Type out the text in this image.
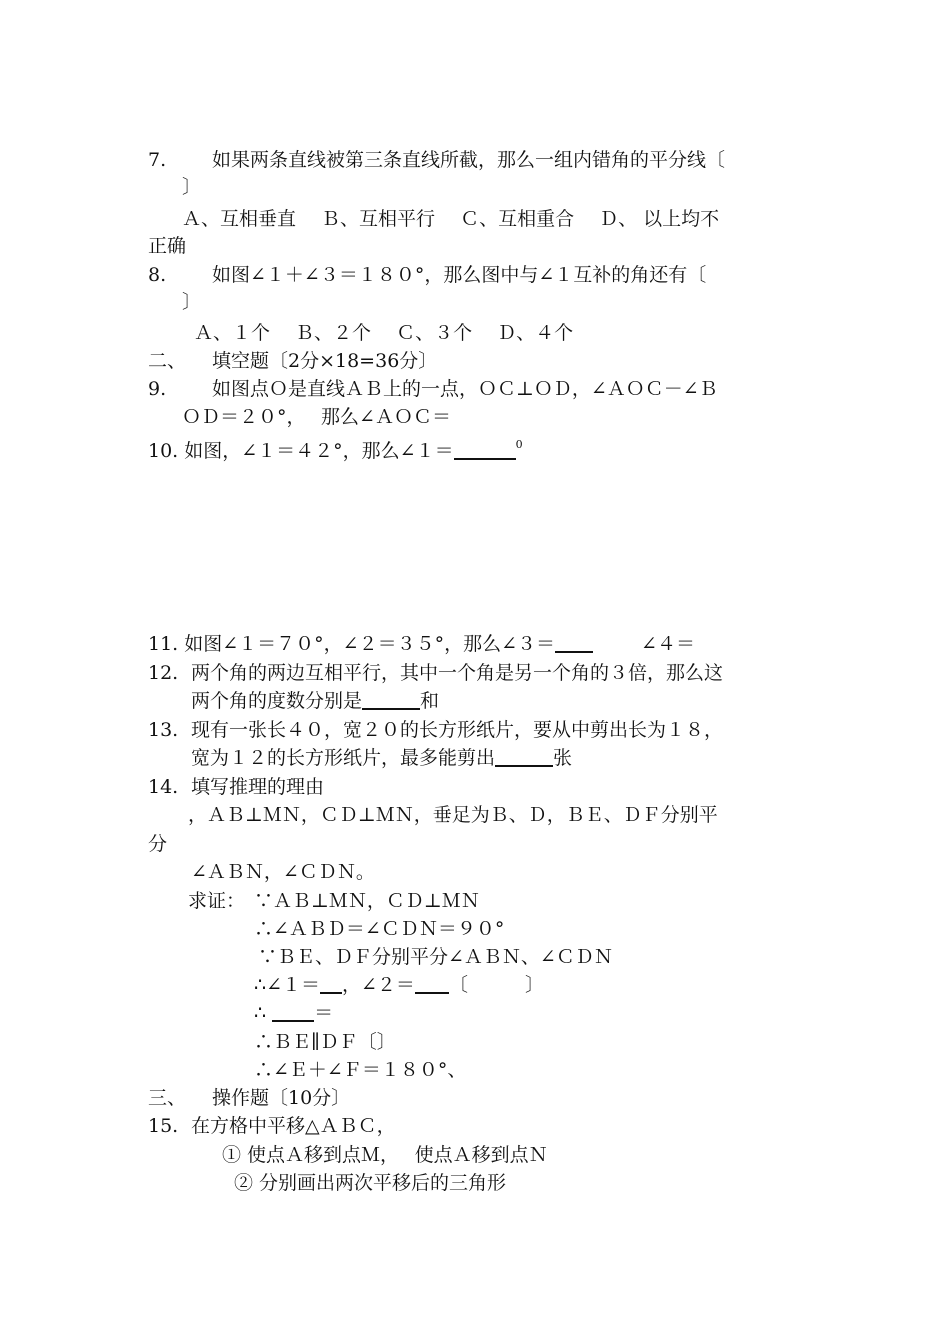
7. 如果两条直线被第三条直线所截，那么一组内错角的平分线〔
〕
Ａ、互相垂直　 Ｂ、互相平行　 Ｃ、互相重合　 Ｄ、 以上均不
正确
8. 如图∠１＋∠３＝１８０°，那么图中与∠１互补的角还有〔
〕
Ａ、１个　 Ｂ、２个　 Ｃ、３个　 Ｄ、４个
二、 填空题〔2分×18=36分〕
9. 如图点Ｏ是直线ＡＢ上的一点，ＯＣ⊥ＯＤ，∠ＡＯＣ－∠Ｂ
ＯＤ＝２０°，　 那么∠ＡＯＣ＝
10. 如图，∠１＝４２°，那么∠１＝	$^0$
11. 如图∠１＝７０°，∠２＝３５°，那么∠３＝	∠４＝
12. 两个角的两边互相平行，其中一个角是另一个角的３倍，那么这
两个角的度数分别是	和
13. 现有一张长４０，宽２０的长方形纸片，要从中剪出长为１８，
宽为１２的长方形纸片，最多能剪出	张
14. 填写推理的理由
，ＡＢ⊥ＭＮ，ＣＤ⊥ＭＮ，垂足为Ｂ、Ｄ，ＢＥ、ＤＦ分别平
分
∠ＡＢＮ，∠ＣＤＮ。
求证： ∵ＡＢ⊥ＭＮ，ＣＤ⊥ＭＮ
∴∠ＡＢＤ＝∠ＣＤＮ＝９０°
∵ＢＥ、ＤＦ分别平分∠ＡＢＮ、∠ＣＤＮ
∴∠１＝ ，∠２＝ 〔　　　〕
∴	＝
∴ＢＥ∥ＤＦ〔〕
∴∠Ｅ＋∠Ｆ＝１８０°、
三、 操作题〔10分〕
15. 在方格中平移△ＡＢＣ，
① 使点Ａ移到点Ｍ，　 使点Ａ移到点Ｎ
② 分别画出两次平移后的三角形
